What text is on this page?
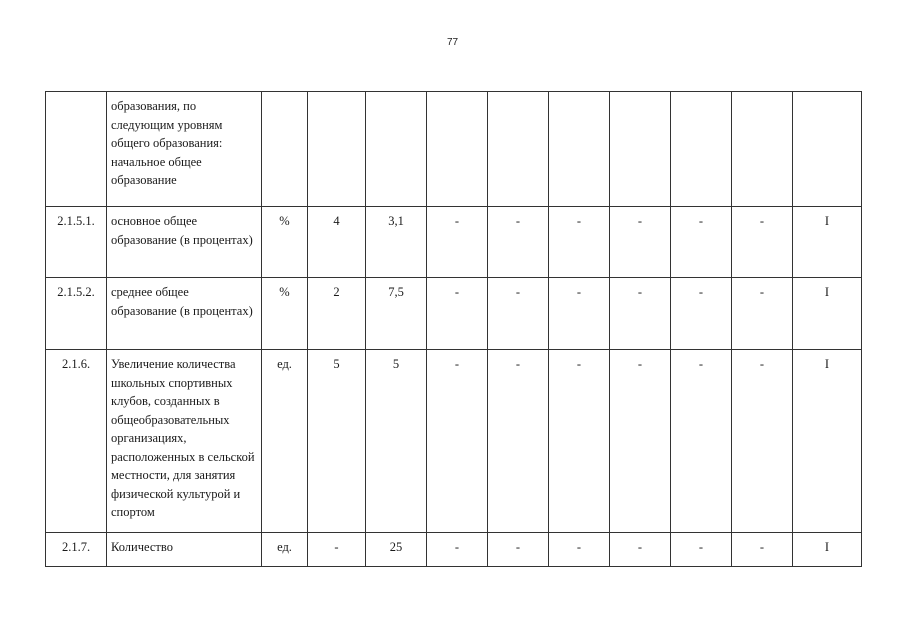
77
	образования, по следующим уровням общего образования: начальное общее образование										
2.1.5.1.	основное общее образование (в процентах)	%	4	3,1	-	-	-	-	-	-	I
2.1.5.2.	среднее общее образование (в процентах)	%	2	7,5	-	-	-	-	-	-	I
2.1.6.	Увеличение количества школьных спортивных клубов, созданных в общеобразовательных организациях, расположенных в сельской местности, для занятия физической культурой и спортом	ед.	5	5	-	-	-	-	-	-	I
2.1.7.	Количество	ед.	-	25	-	-	-	-	-	-	I
